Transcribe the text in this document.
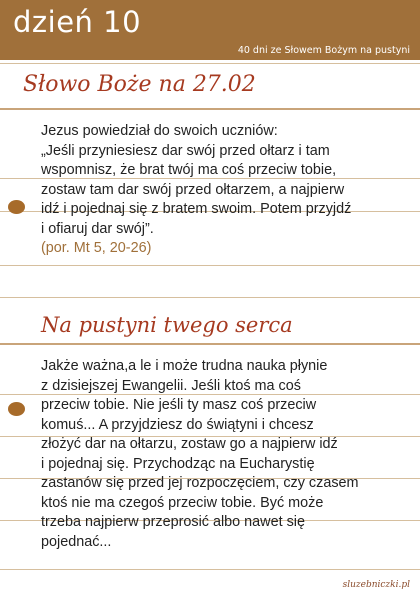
dzień 10
40 dni ze Słowem Bożym na pustyni
Słowo Boże na 27.02
Jezus powiedział do swoich uczniów:
„Jeśli przyniesiesz dar swój przed ołtarz i tam
wspomnisz, że brat twój ma coś przeciw tobie,
zostaw tam dar swój przed ołtarzem, a najpierw
idź i pojednaj się z bratem swoim. Potem przyjdź
i ofiaruj dar swój”.
(por. Mt 5, 20-26)
Na pustyni twego serca
Jakże ważna,a le i może trudna nauka płynie
z dzisiejszej Ewangelii. Jeśli ktoś ma coś
przeciw tobie. Nie jeśli ty masz coś przeciw
komuś... A przyjdziesz do świątyni i chcesz
złożyć dar na ołtarzu, zostaw go a najpierw idź
i pojednaj się. Przychodząc na Eucharystię
zastanów się przed jej rozpoczęciem, czy czasem
ktoś nie ma czegoś przeciw tobie. Być może
trzeba najpierw przeprosić albo nawet się
pojednać...
sluzebniczki.pl
